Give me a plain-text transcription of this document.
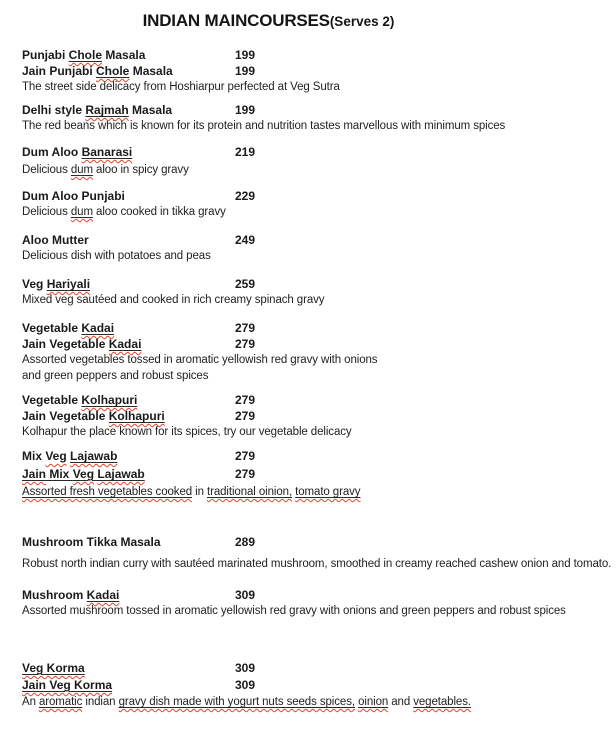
INDIAN MAINCOURSES(Serves 2)
Punjabi Chole Masala	199
Jain Punjabi Chole Masala	199
The street side delicacy from Hoshiarpur perfected at Veg Sutra
Delhi style Rajmah Masala	199
The red beans which is known for its protein and nutrition tastes marvellous with minimum spices
Dum Aloo Banarasi	219
Delicious dum aloo in spicy gravy
Dum Aloo Punjabi	229
Delicious dum aloo cooked in tikka gravy
Aloo Mutter	249
Delicious dish with potatoes and peas
Veg Hariyali	259
Mixed veg sautéed and cooked in rich creamy spinach gravy
Vegetable Kadai	279
Jain Vegetable Kadai	279
Assorted vegetables tossed in aromatic yellowish red gravy with onions
and green peppers and robust spices
Vegetable Kolhapuri	279
Jain Vegetable Kolhapuri	279
Kolhapur the place known for its spices, try our vegetable delicacy
Mix Veg Lajawab	279
Jain Mix Veg Lajawab	279
Assorted fresh vegetables cooked in traditional oinion, tomato gravy
Mushroom Tikka Masala	289
Robust north indian curry with sautéed marinated mushroom, smoothed in creamy reached cashew onion and tomato.
Mushroom Kadai	309
Assorted mushroom tossed in aromatic yellowish red gravy with onions and green peppers and robust spices
Veg Korma	309
Jain Veg Korma	309
An aromatic indian gravy dish made with yogurt nuts seeds spices, oinion and vegetables.
